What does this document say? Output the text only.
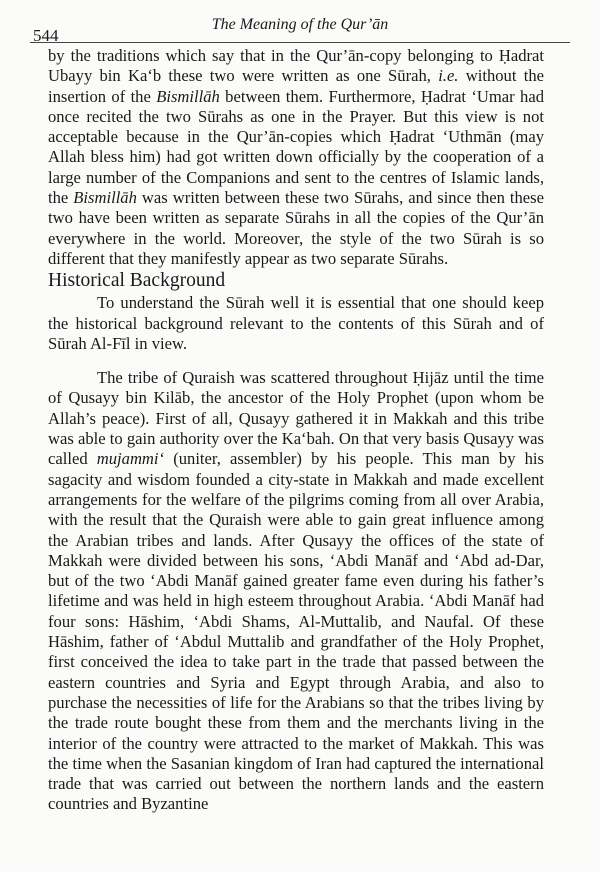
544
The Meaning of the Qur’ān

by the traditions which say that in the Qur’ān-copy belonging to Ḥadrat Ubayy bin Ka‘b these two were written as one Sūrah, i.e. without the insertion of the Bismillāh between them. Furthermore, Ḥadrat ‘Umar had once recited the two Sūrahs as one in the Prayer. But this view is not acceptable because in the Qur’ān-copies which Ḥadrat ‘Uthmān (may Allah bless him) had got written down officially by the cooperation of a large number of the Companions and sent to the centres of Islamic lands, the Bismillāh was written between these two Sūrahs, and since then these two have been written as separate Sūrahs in all the copies of the Qur’ān everywhere in the world. Moreover, the style of the two Sūrah is so different that they manifestly appear as two separate Sūrahs.

Historical Background

To understand the Sūrah well it is essential that one should keep the historical background relevant to the contents of this Sūrah and of Sūrah Al-Fīl in view.

The tribe of Quraish was scattered throughout Ḥijāz until the time of Qusayy bin Kilāb, the ancestor of the Holy Prophet (upon whom be Allah’s peace). First of all, Qusayy gathered it in Makkah and this tribe was able to gain authority over the Ka‘bah. On that very basis Qusayy was called mujammi‘ (uniter, assembler) by his people. This man by his sagacity and wisdom founded a city-state in Makkah and made excellent arrangements for the welfare of the pilgrims coming from all over Arabia, with the result that the Quraish were able to gain great influence among the Arabian tribes and lands. After Qusayy the offices of the state of Makkah were divided between his sons, ‘Abdi Manāf and ‘Abd ad-Dar, but of the two ‘Abdi Manāf gained greater fame even during his father’s lifetime and was held in high esteem throughout Arabia. ‘Abdi Manāf had four sons: Hāshim, ‘Abdi Shams, Al-Muttalib, and Naufal. Of these Hāshim, father of ‘Abdul Muttalib and grandfather of the Holy Prophet, first conceived the idea to take part in the trade that passed between the eastern countries and Syria and Egypt through Arabia, and also to purchase the necessities of life for the Arabians so that the tribes living by the trade route bought these from them and the merchants living in the interior of the country were attracted to the market of Makkah. This was the time when the Sasanian kingdom of Iran had captured the international trade that was carried out between the northern lands and the eastern countries and Byzantine
